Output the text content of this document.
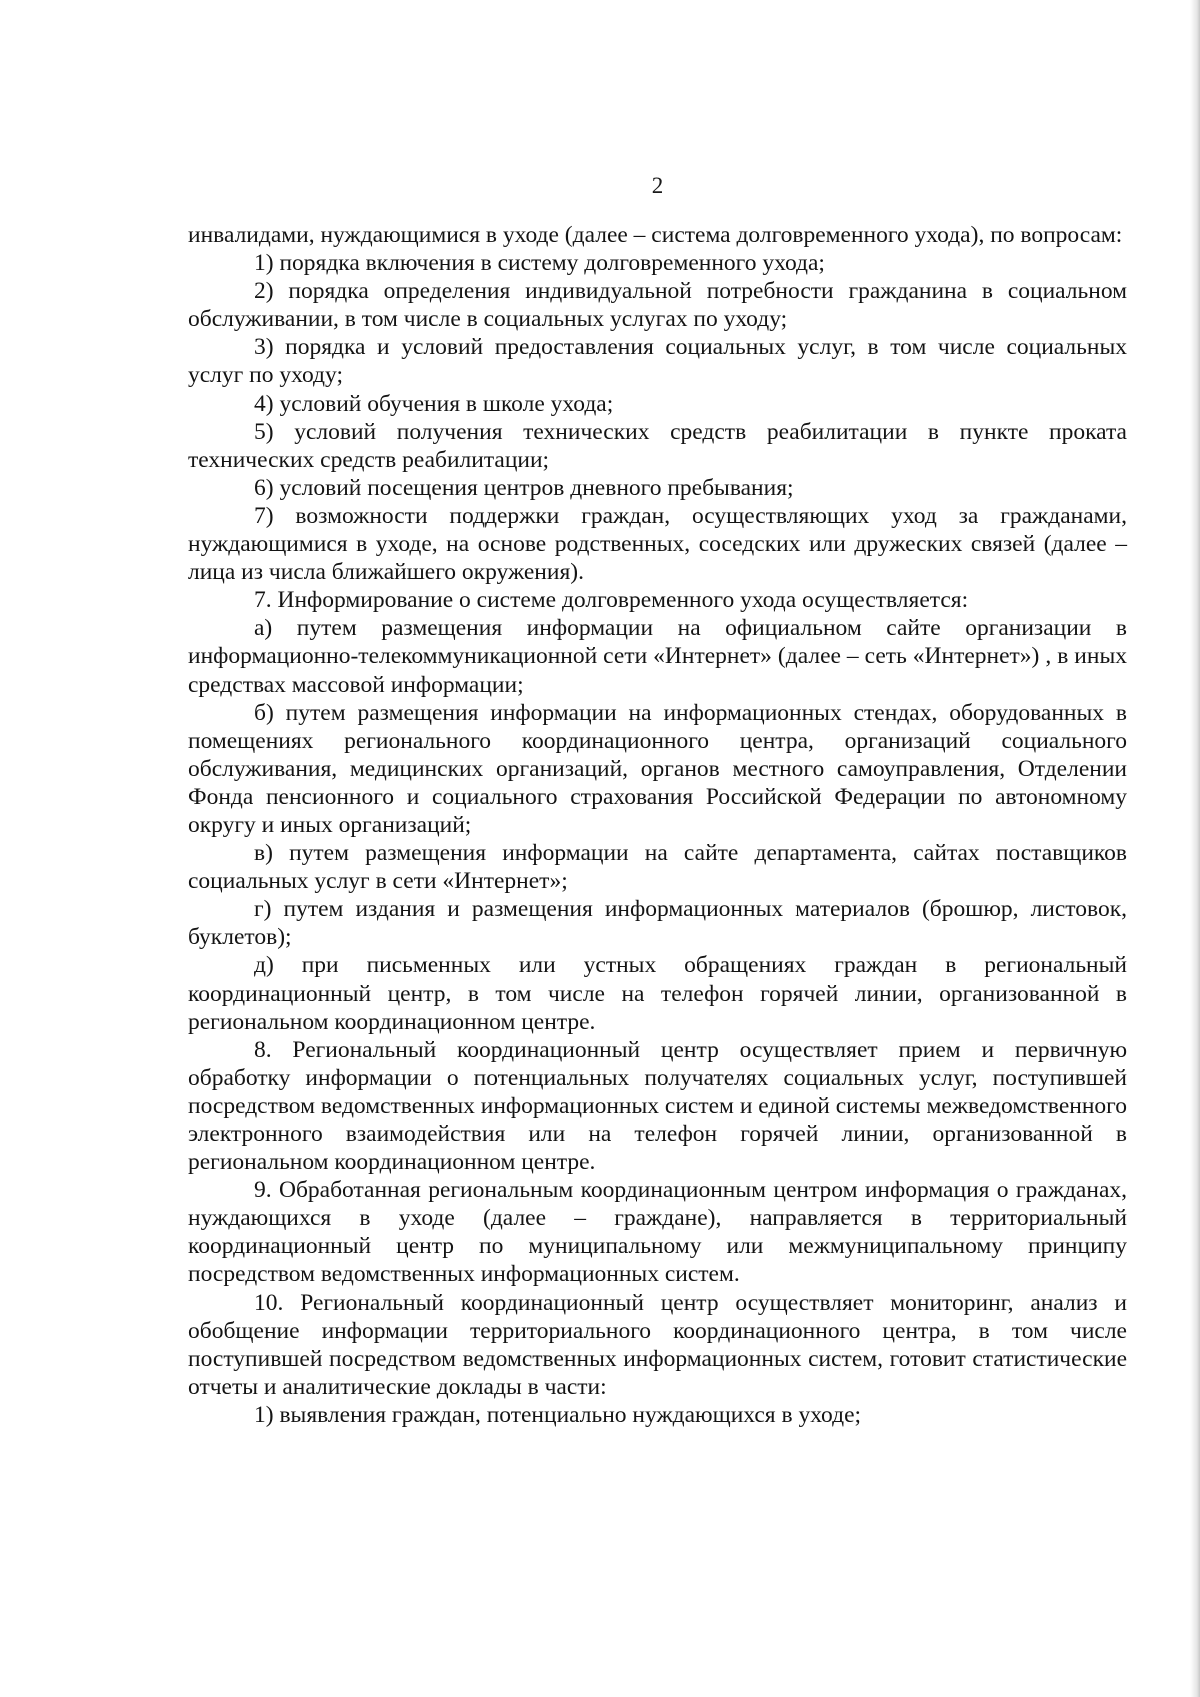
2

инвалидами, нуждающимися в уходе (далее – система долговременного ухода), по вопросам:

1) порядка включения в систему долговременного ухода;

2) порядка определения индивидуальной потребности гражданина в социальном обслуживании, в том числе в социальных услугах по уходу;

3) порядка и условий предоставления социальных услуг, в том числе социальных услуг по уходу;

4) условий обучения в школе ухода;

5) условий получения технических средств реабилитации в пункте проката технических средств реабилитации;

6) условий посещения центров дневного пребывания;

7) возможности поддержки граждан, осуществляющих уход за гражданами, нуждающимися в уходе, на основе родственных, соседских или дружеских связей (далее – лица из числа ближайшего окружения).

7. Информирование о системе долговременного ухода осуществляется:

а) путем размещения информации на официальном сайте организации в информационно-телекоммуникационной сети «Интернет» (далее – сеть «Интернет») , в иных средствах массовой информации;

б) путем размещения информации на информационных стендах, оборудованных в помещениях регионального координационного центра, организаций социального обслуживания, медицинских организаций, органов местного самоуправления, Отделении Фонда пенсионного и социального страхования Российской Федерации по автономному округу и иных организаций;

в) путем размещения информации на сайте департамента, сайтах поставщиков социальных услуг в сети «Интернет»;

г) путем издания и размещения информационных материалов (брошюр, листовок, буклетов);

д) при письменных или устных обращениях граждан в региональный координационный центр, в том числе на телефон горячей линии, организованной в региональном координационном центре.

8. Региональный координационный центр осуществляет прием и первичную обработку информации о потенциальных получателях социальных услуг, поступившей посредством ведомственных информационных систем и единой системы межведомственного электронного взаимодействия или на телефон горячей линии, организованной в региональном координационном центре.

9. Обработанная региональным координационным центром информация о гражданах, нуждающихся в уходе (далее – граждане), направляется в территориальный координационный центр по муниципальному или межмуниципальному принципу посредством ведомственных информационных систем.

10. Региональный координационный центр осуществляет мониторинг, анализ и обобщение информации территориального координационного центра, в том числе поступившей посредством ведомственных информационных систем, готовит статистические отчеты и аналитические доклады в части:

1) выявления граждан, потенциально нуждающихся в уходе;
